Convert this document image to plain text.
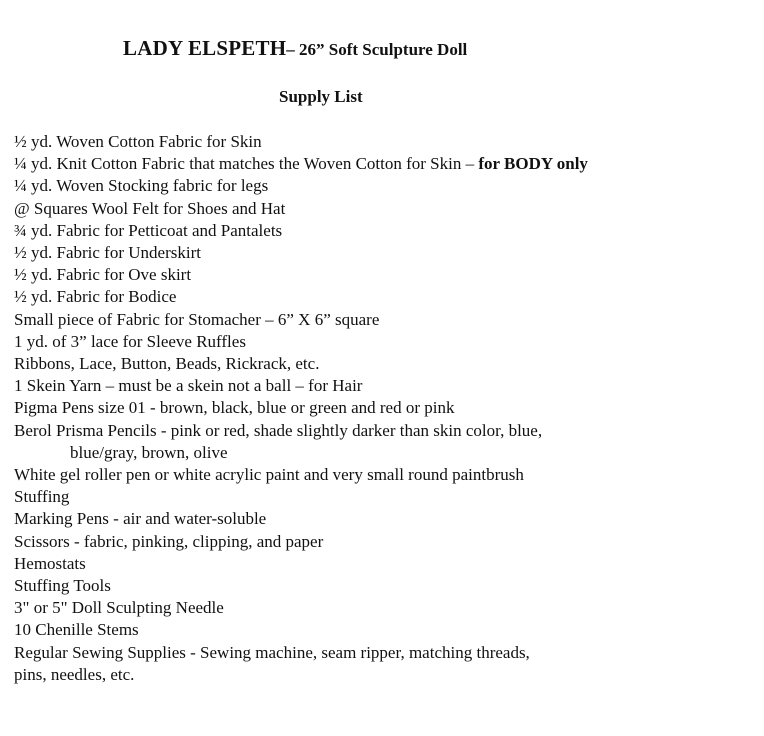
LADY ELSPETH– 26” Soft Sculpture Doll
Supply List
½ yd. Woven Cotton Fabric for Skin
¼ yd. Knit Cotton Fabric that matches the Woven Cotton for Skin – for BODY only
¼ yd. Woven Stocking fabric for legs
@ Squares Wool Felt for Shoes and Hat
¾ yd. Fabric for Petticoat and Pantalets
½ yd. Fabric for Underskirt
½ yd. Fabric for Ove skirt
½ yd. Fabric for Bodice
Small piece of Fabric for Stomacher – 6” X 6” square
1 yd. of 3” lace for Sleeve Ruffles
Ribbons, Lace, Button, Beads, Rickrack, etc.
1 Skein Yarn – must be a skein not a ball – for Hair
Pigma Pens size 01 - brown, black, blue or green and red or pink
Berol Prisma Pencils - pink or red, shade slightly darker than skin color, blue,
blue/gray, brown, olive
White gel roller pen or white acrylic paint and very small round paintbrush
Stuffing
Marking Pens - air and water-soluble
Scissors - fabric, pinking, clipping, and paper
Hemostats
Stuffing Tools
3" or 5" Doll Sculpting Needle
10 Chenille Stems
Regular Sewing Supplies - Sewing machine, seam ripper, matching threads,
pins, needles, etc.
